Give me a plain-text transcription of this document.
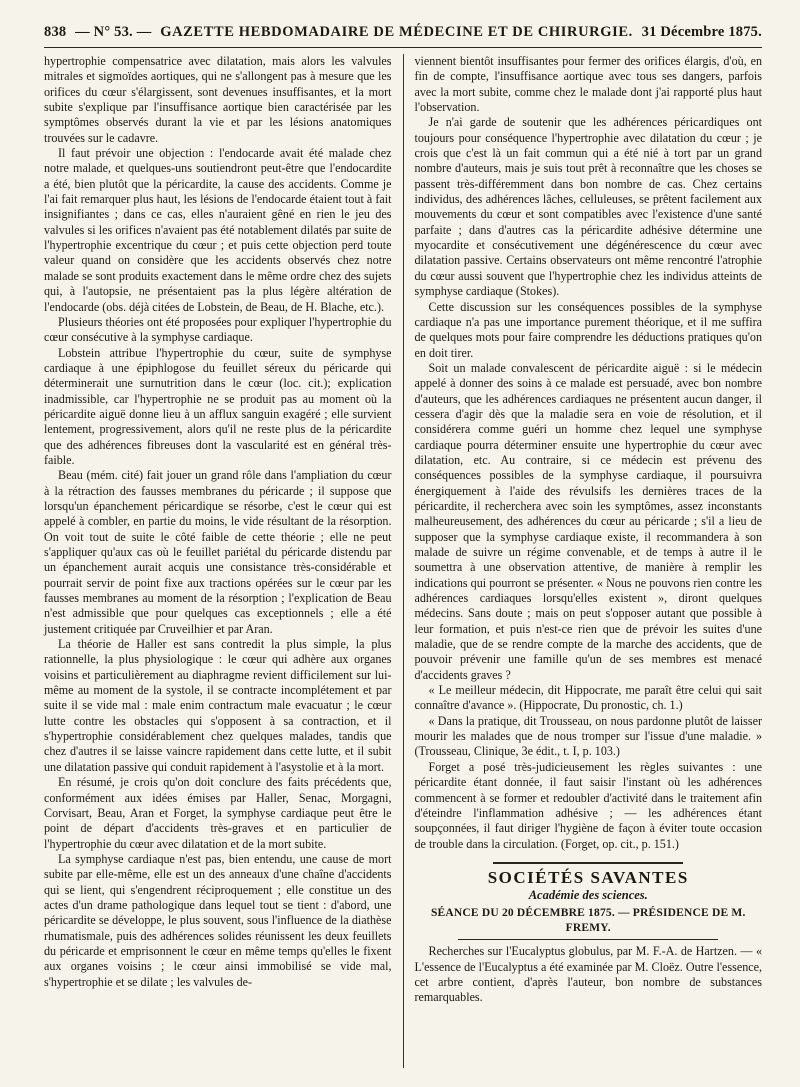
838 — N° 53. — GAZETTE HEBDOMADAIRE DE MÉDECINE ET DE CHIRURGIE. 31 Décembre 1875.

hypertrophie compensatrice avec dilatation, mais alors les valvules mitrales et sigmoïdes aortiques, qui ne s'allongent pas à mesure que les orifices du cœur s'élargissent, sont devenues insuffisantes, et la mort subite s'explique par l'insuffisance aortique bien caractérisée par les symptômes observés durant la vie et par les lésions anatomiques trouvées sur le cadavre.

Il faut prévoir une objection : l'endocarde avait été malade chez notre malade, et quelques-uns soutiendront peut-être que l'endocardite a été, bien plutôt que la péricardite, la cause des accidents. Comme je l'ai fait remarquer plus haut, les lésions de l'endocarde étaient tout à fait insignifiantes ; dans ce cas, elles n'auraient gêné en rien le jeu des valvules si les orifices n'avaient pas été notablement dilatés par suite de l'hypertrophie excentrique du cœur ; et puis cette objection perd toute valeur quand on considère que les accidents observés chez notre malade se sont produits exactement dans le même ordre chez des sujets qui, à l'autopsie, ne présentaient pas la plus légère altération de l'endocarde (obs. déjà citées de Lobstein, de Beau, de H. Blache, etc.).

Plusieurs théories ont été proposées pour expliquer l'hypertrophie du cœur consécutive à la symphyse cardiaque.

Lobstein attribue l'hypertrophie du cœur, suite de symphyse cardiaque à une épiphlogose du feuillet séreux du péricarde qui déterminerait une surnutrition dans le cœur (loc. cit.); explication inadmissible, car l'hypertrophie ne se produit pas au moment où la péricardite aiguë donne lieu à un afflux sanguin exagéré ; elle survient lentement, progressivement, alors qu'il ne reste plus de la péricardite que des adhérences fibreuses dont la vascularité est en général très-faible.

Beau (mém. cité) fait jouer un grand rôle dans l'ampliation du cœur à la rétraction des fausses membranes du péricarde ; il suppose que lorsqu'un épanchement péricardique se résorbe, c'est le cœur qui est appelé à combler, en partie du moins, le vide résultant de la résorption. On voit tout de suite le côté faible de cette théorie ; elle ne peut s'appliquer qu'aux cas où le feuillet pariétal du péricarde distendu par un épanchement aurait acquis une consistance très-considérable et pourrait servir de point fixe aux tractions opérées sur le cœur par les fausses membranes au moment de la résorption ; l'explication de Beau n'est admissible que pour quelques cas exceptionnels ; elle a été justement critiquée par Cruveilhier et par Aran.

La théorie de Haller est sans contredit la plus simple, la plus rationnelle, la plus physiologique : le cœur qui adhère aux organes voisins et particulièrement au diaphragme revient difficilement sur lui-même au moment de la systole, il se contracte incomplétement et par suite il se vide mal : male enim contractum male evacuatur ; le cœur lutte contre les obstacles qui s'opposent à sa contraction, et il s'hypertrophie considérablement chez quelques malades, tandis que chez d'autres il se laisse vaincre rapidement dans cette lutte, et il subit une dilatation passive qui conduit rapidement à l'asystolie et à la mort.

En résumé, je crois qu'on doit conclure des faits précédents que, conformément aux idées émises par Haller, Senac, Morgagni, Corvisart, Beau, Aran et Forget, la symphyse cardiaque peut être le point de départ d'accidents très-graves et en particulier de l'hypertrophie du cœur avec dilatation et de la mort subite.

La symphyse cardiaque n'est pas, bien entendu, une cause de mort subite par elle-même, elle est un des anneaux d'une chaîne d'accidents qui se lient, qui s'engendrent réciproquement ; elle constitue un des actes d'un drame pathologique dans lequel tout se tient : d'abord, une péricardite se développe, le plus souvent, sous l'influence de la diathèse rhumatismale, puis des adhérences solides réunissent les deux feuillets du péricarde et emprisonnent le cœur en même temps qu'elles le fixent aux organes voisins ; le cœur ainsi immobilisé se vide mal, s'hypertrophie et se dilate ; les valvules de-

viennent bientôt insuffisantes pour fermer des orifices élargis, d'où, en fin de compte, l'insuffisance aortique avec tous ses dangers, parfois avec la mort subite, comme chez le malade dont j'ai rapporté plus haut l'observation.

Je n'ai garde de soutenir que les adhérences péricardiques ont toujours pour conséquence l'hypertrophie avec dilatation du cœur ; je crois que c'est là un fait commun qui a été nié à tort par un grand nombre d'auteurs, mais je suis tout prêt à reconnaître que les choses se passent très-différemment dans bon nombre de cas. Chez certains individus, des adhérences lâches, celluleuses, se prêtent facilement aux mouvements du cœur et sont compatibles avec l'existence d'une santé parfaite ; dans d'autres cas la péricardite adhésive détermine une myocardite et consécutivement une dégénérescence du cœur avec dilatation passive. Certains observateurs ont même rencontré l'atrophie du cœur aussi souvent que l'hypertrophie chez les individus atteints de symphyse cardiaque (Stokes).

Cette discussion sur les conséquences possibles de la symphyse cardiaque n'a pas une importance purement théorique, et il me suffira de quelques mots pour faire comprendre les déductions pratiques qu'on en doit tirer.

Soit un malade convalescent de péricardite aiguë : si le médecin appelé à donner des soins à ce malade est persuadé, avec bon nombre d'auteurs, que les adhérences cardiaques ne présentent aucun danger, il cessera d'agir dès que la maladie sera en voie de résolution, et il considérera comme guéri un homme chez lequel une symphyse cardiaque pourra déterminer ensuite une hypertrophie du cœur avec dilatation, etc. Au contraire, si ce médecin est prévenu des conséquences possibles de la symphyse cardiaque, il poursuivra énergiquement à l'aide des révulsifs les dernières traces de la péricardite, il recherchera avec soin les symptômes, assez inconstants malheureusement, des adhérences du cœur au péricarde ; s'il a lieu de supposer que la symphyse cardiaque existe, il recommandera à son malade de suivre un régime convenable, et de temps à autre il le soumettra à une observation attentive, de manière à remplir les indications qui pourront se présenter. « Nous ne pouvons rien contre les adhérences cardiaques lorsqu'elles existent », diront quelques médecins. Sans doute ; mais on peut s'opposer autant que possible à leur formation, et puis n'est-ce rien que de prévoir les suites d'une maladie, que de se rendre compte de la marche des accidents, que de pouvoir prévenir une famille qu'un de ses membres est menacé d'accidents graves ?

« Le meilleur médecin, dit Hippocrate, me paraît être celui qui sait connaître d'avance ». (Hippocrate, Du pronostic, ch. 1.)

« Dans la pratique, dit Trousseau, on nous pardonne plutôt de laisser mourir les malades que de nous tromper sur l'issue d'une maladie. » (Trousseau, Clinique, 3e édit., t. I, p. 103.)

Forget a posé très-judicieusement les règles suivantes : une péricardite étant donnée, il faut saisir l'instant où les adhérences commencent à se former et redoubler d'activité dans le traitement afin d'éteindre l'inflammation adhésive ; — les adhérences étant soupçonnées, il faut diriger l'hygiène de façon à éviter toute occasion de trouble dans la circulation. (Forget, op. cit., p. 151.)

SOCIÉTÉS SAVANTES
Académie des sciences.
SÉANCE DU 20 DÉCEMBRE 1875. — PRÉSIDENCE DE M. FREMY.

Recherches sur l'Eucalyptus globulus, par M. F.-A. de Hartzen. — « L'essence de l'Eucalyptus a été examinée par M. Cloëz. Outre l'essence, cet arbre contient, d'après l'auteur, bon nombre de substances remarquables.
